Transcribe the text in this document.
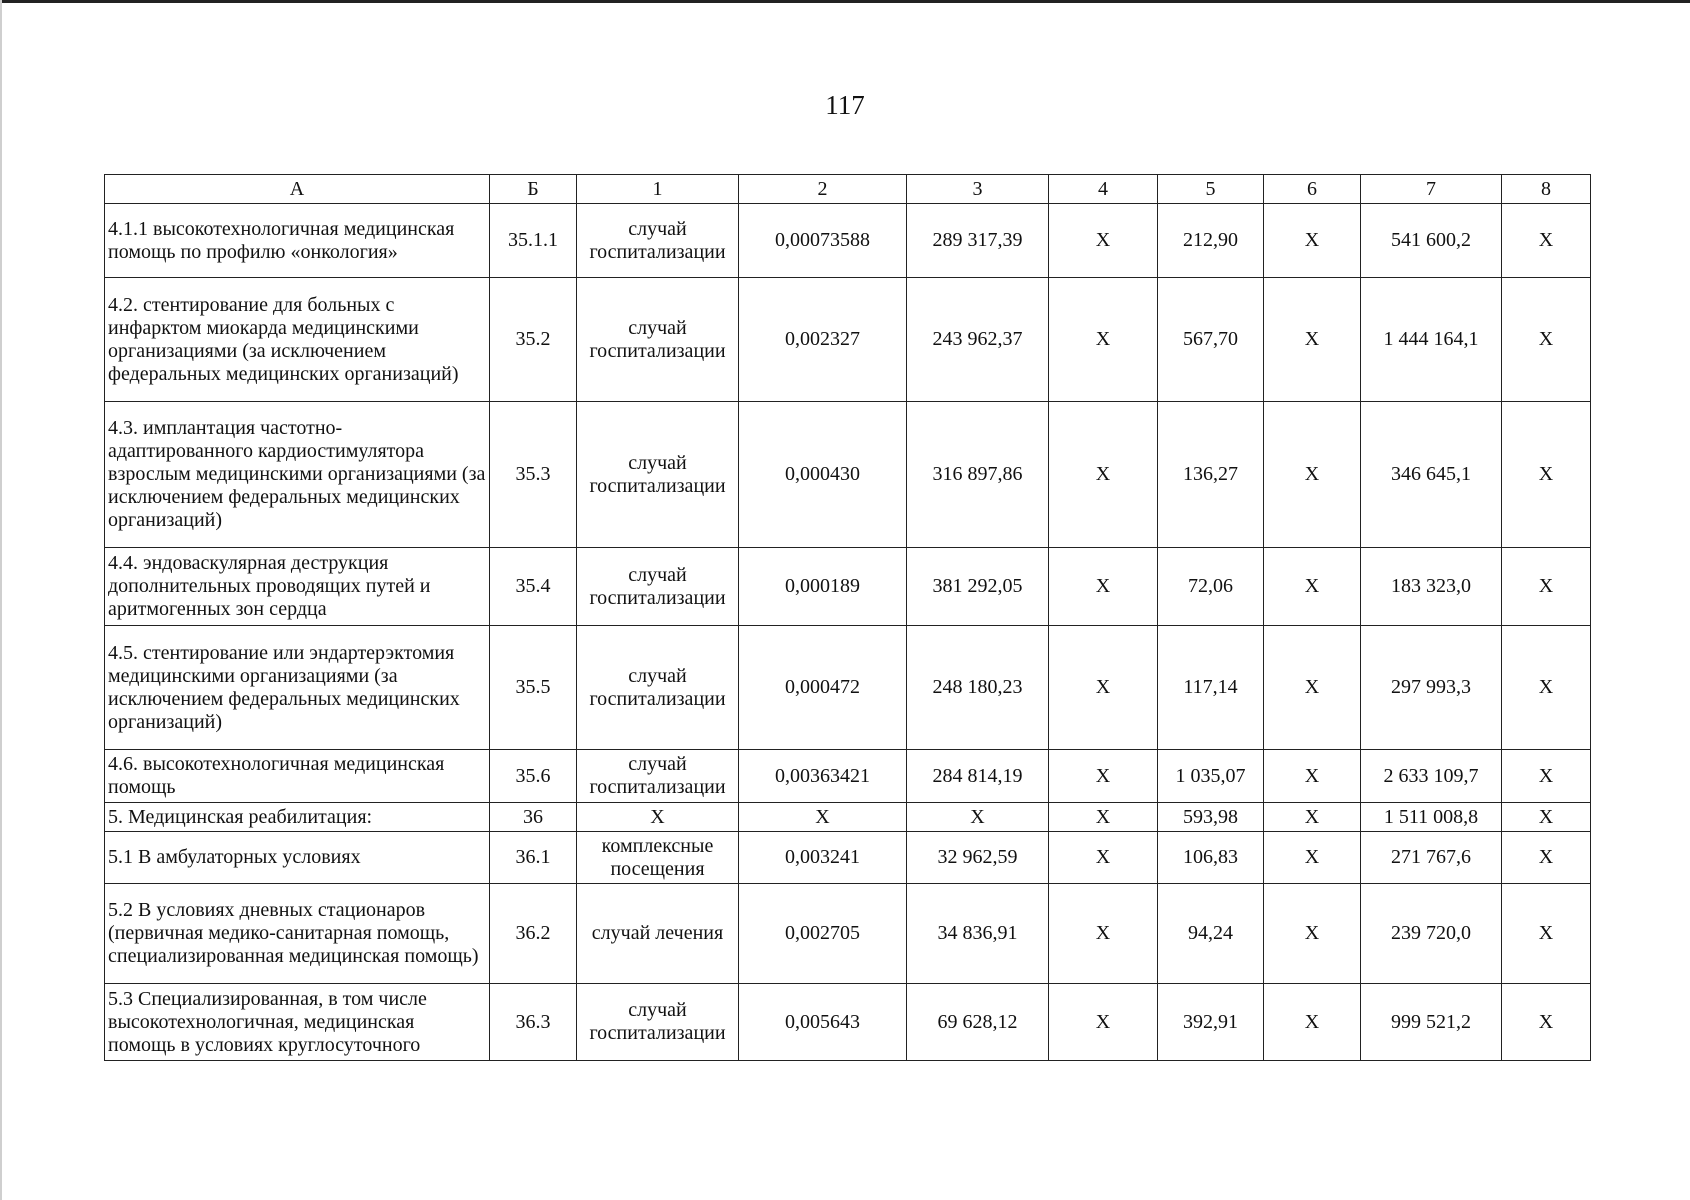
117
А	Б	1	2	3	4	5	6	7	8
4.1.1 высокотехнологичная медицинская помощь по профилю «онкология»	35.1.1	случай госпитализации	0,00073588	289 317,39	Х	212,90	Х	541 600,2	Х
4.2. стентирование для больных с инфарктом миокарда медицинскими организациями (за исключением федеральных медицинских организаций)	35.2	случай госпитализации	0,002327	243 962,37	Х	567,70	Х	1 444 164,1	Х
4.3. имплантация частотно-адаптированного кардиостимулятора взрослым медицинскими организациями (за исключением федеральных медицинских организаций)	35.3	случай госпитализации	0,000430	316 897,86	Х	136,27	Х	346 645,1	Х
4.4. эндоваскулярная деструкция дополнительных проводящих путей и аритмогенных зон сердца	35.4	случай госпитализации	0,000189	381 292,05	Х	72,06	Х	183 323,0	Х
4.5. стентирование или эндартерэктомия медицинскими организациями (за исключением федеральных медицинских организаций)	35.5	случай госпитализации	0,000472	248 180,23	Х	117,14	Х	297 993,3	Х
4.6. высокотехнологичная медицинская помощь	35.6	случай госпитализации	0,00363421	284 814,19	Х	1 035,07	Х	2 633 109,7	Х
5. Медицинская реабилитация:	36	Х	Х	Х	Х	593,98	Х	1 511 008,8	Х
5.1 В амбулаторных условиях	36.1	комплексные посещения	0,003241	32 962,59	Х	106,83	Х	271 767,6	Х
5.2 В условиях дневных стационаров (первичная медико-санитарная помощь, специализированная медицинская помощь)	36.2	случай лечения	0,002705	34 836,91	Х	94,24	Х	239 720,0	Х
5.3 Специализированная, в том числе высокотехнологичная, медицинская помощь в условиях круглосуточного	36.3	случай госпитализации	0,005643	69 628,12	Х	392,91	Х	999 521,2	Х
